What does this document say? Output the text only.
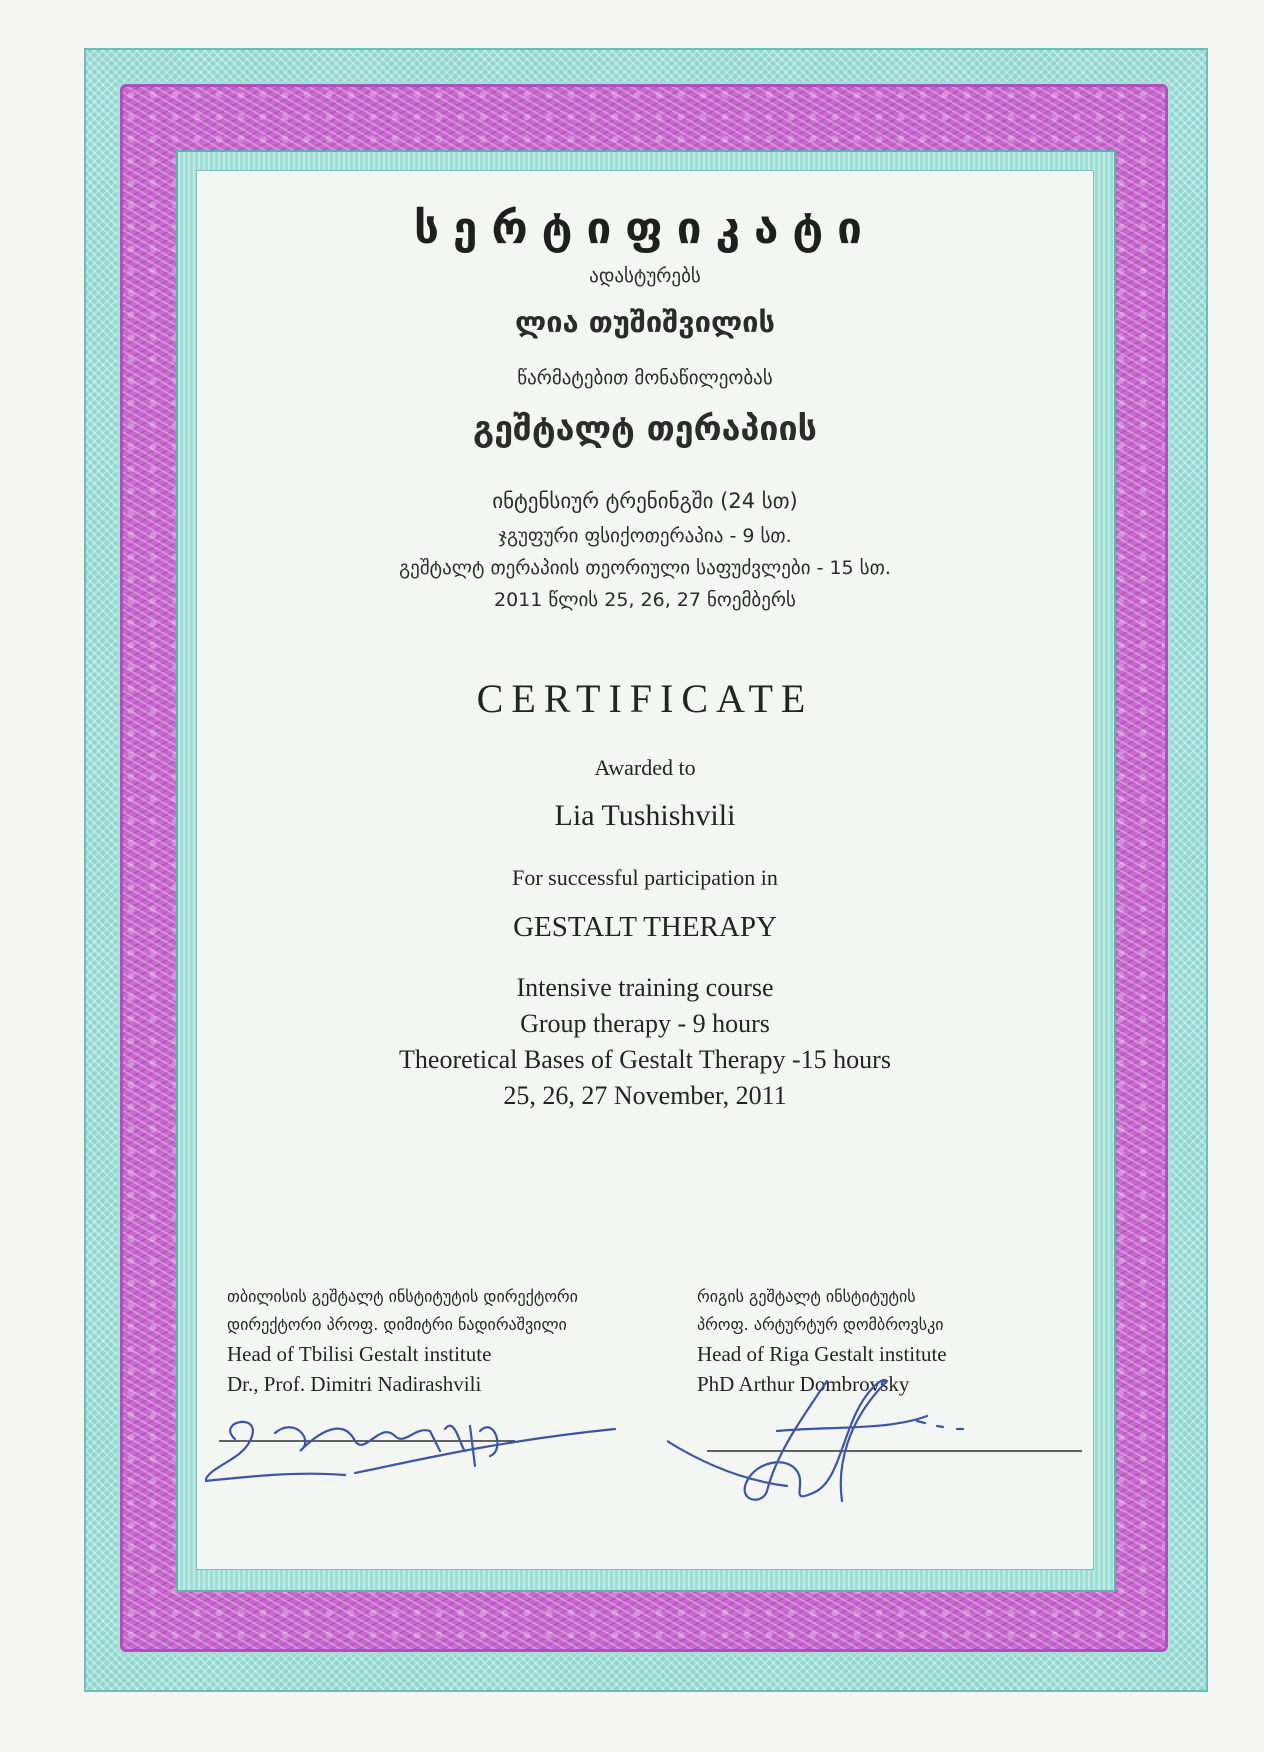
სერტიფიკატი
ადასტურებს
ლია თუშიშვილის
წარმატებით მონაწილეობას
გეშტალტ თერაპიის
ინტენსიურ ტრენინგში (24 სთ)
ჯგუფური ფსიქოთერაპია - 9 სთ.
გეშტალტ თერაპიის თეორიული საფუძვლები - 15 სთ.
2011 წლის 25, 26, 27 ნოემბერს
CERTIFICATE
Awarded to
Lia Tushishvili
For successful participation in
GESTALT THERAPY
Intensive training course
Group therapy - 9 hours
Theoretical Bases of Gestalt Therapy -15 hours
25, 26, 27 November, 2011
თბილისის გეშტალტ ინსტიტუტის დირექტორი
დირექტორი პროფ. დიმიტრი ნადირაშვილი
Head of Tbilisi Gestalt institute
Dr., Prof. Dimitri Nadirashvili
რიგის გეშტალტ ინსტიტუტის
პროფ. არტურტურ დომბროვსკი
Head of Riga Gestalt institute
PhD Arthur Dombrovsky
